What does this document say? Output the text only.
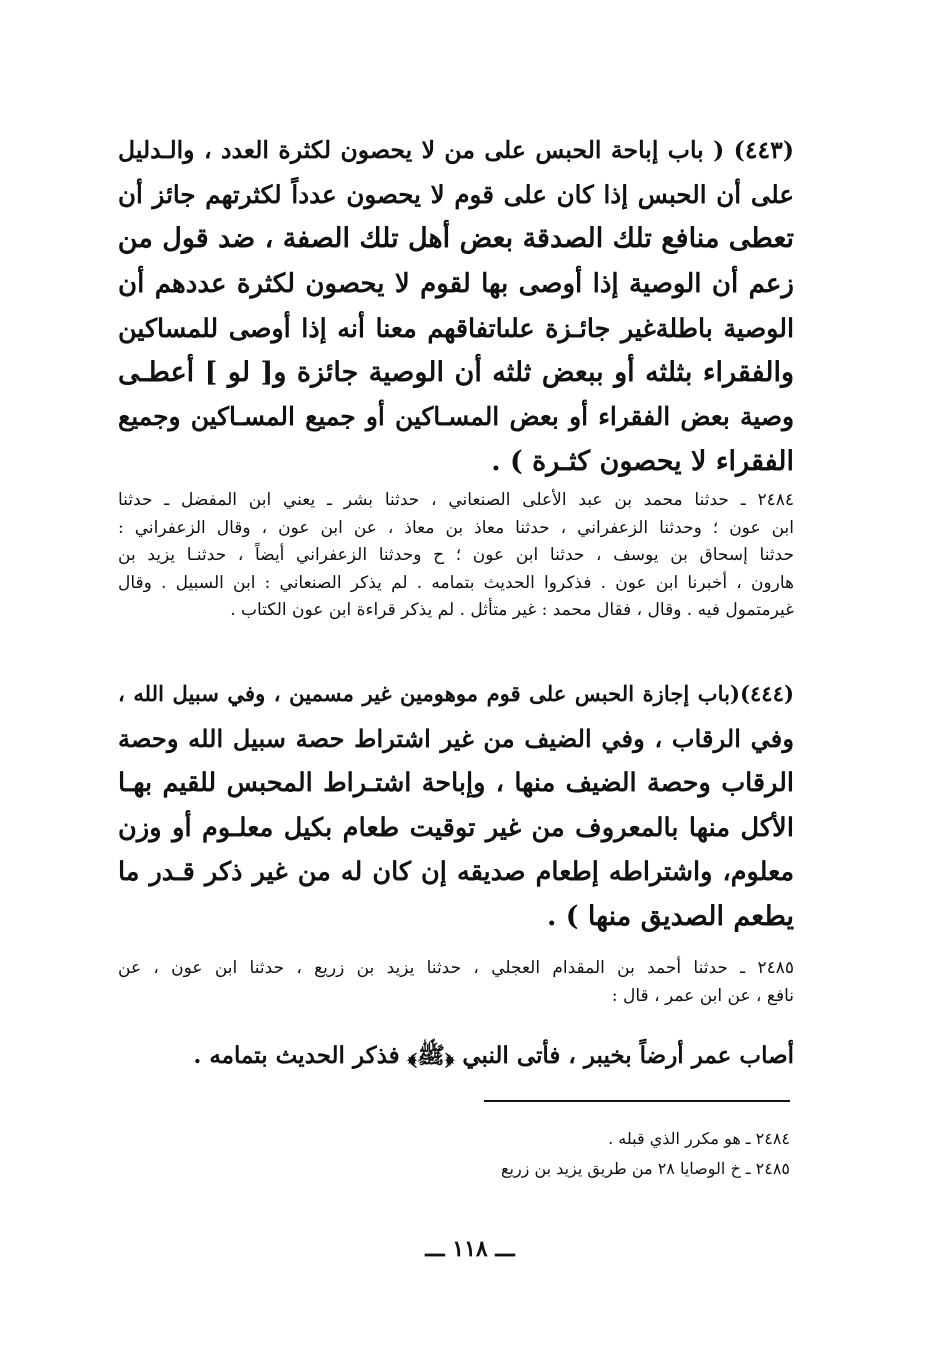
(٤٤٣) ( باب إباحة الحبس على من لا يحصون لكثرة العدد ، والـدليل
على أن الحبس إذا كان على قوم لا يحصون عدداً لكثرتهم جائز أن
تعطى منافع تلك الصدقة بعض أهل تلك الصفة ، ضد قول من
زعم أن الوصية إذا أوصى بها لقوم لا يحصون لكثرة عددهم أن
الوصية باطلةغير جائـزة علىاتفاقهم معنا أنه إذا أوصى للمساكين
والفقراء بثلثه أو ببعض ثلثه أن الوصية جائزة و[ لو ] أعطـى
وصية بعض الفقراء أو بعض المسـاكين أو جميع المسـاكين وجميع
الفقراء لا يحصون كثـرة ) .
٢٤٨٤ ـ حدثنا محمد بن عبد الأعلى الصنعاني ، حدثنا بشر ـ يعني ابن المفضل ـ حدثنا
ابن عون ؛ وحدثنا الزعفراني ، حدثنا معاذ بن معاذ ، عن ابن عون ، وقال الزعفراني :
حدثنا إسحاق بن يوسف ، حدثنا ابن عون ؛ ح وحدثنا الزعفراني أيضاً ، حدثنـا يزيد بن
هارون ، أخبرنا ابن عون . فذكروا الحديث بتمامه . لم يذكر الصنعاني : ابن السبيل . وقال
غيرمتمول فيه . وقال ، فقال محمد : غير متأثل . لم يذكر قراءة ابن عون الكتاب .
(٤٤٤)(باب إجازة الحبس على قوم موهومين غير مسمين ، وفي سبيل الله ،
وفي الرقاب ، وفي الضيف من غير اشتراط حصة سبيل الله وحصة
الرقاب وحصة الضيف منها ، وإباحة اشتـراط المحبس للقيم بهـا
الأكل منها بالمعروف من غير توقيت طعام بكيل معلـوم أو وزن
معلوم، واشتراطه إطعام صديقه إن كان له من غير ذكر قـدر ما
يطعم الصديق منها ) .
٢٤٨٥ ـ حدثنا أحمد بن المقدام العجلي ، حدثنا يزيد بن زريع ، حدثنا ابن عون ، عن
نافع ، عن ابن عمر ، قال :
أصاب عمر أرضاً بخيبر ، فأتى النبي ﴿ﷺ﴾ فذكر الحديث بتمامه .
٢٤٨٤ ـ هو مكرر الذي قبله .
٢٤٨٥ ـ خ الوصايا ٢٨ من طريق يزيد بن زريع
ـــ ١١٨ ـــ
